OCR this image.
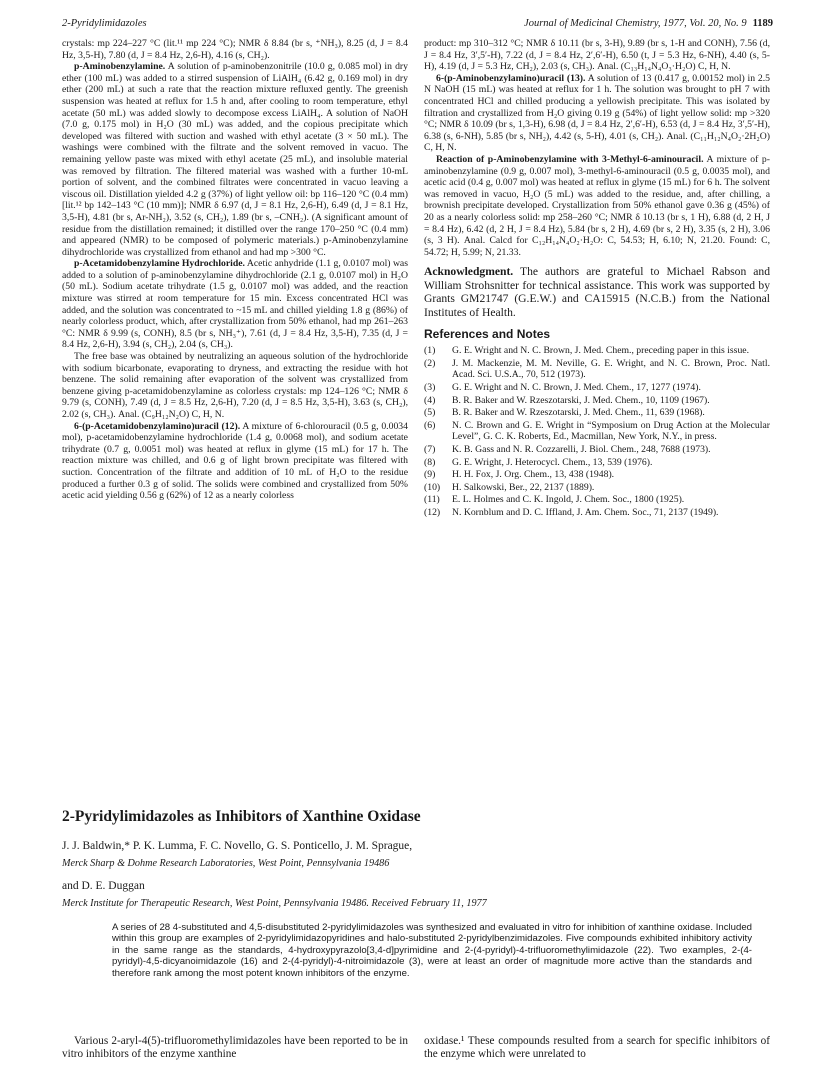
2-Pyridylimidazoles	Journal of Medicinal Chemistry, 1977, Vol. 20, No. 9 1189

crystals: mp 224–227 °C (lit.¹¹ mp 224 °C); NMR δ 8.84 (br s, ⁺NH₃), 8.25 (d, J = 8.4 Hz, 3,5-H), 7.80 (d, J = 8.4 Hz, 2,6-H), 4.16 (s, CH₂).

p-Aminobenzylamine. A solution of p-aminobenzonitrile (10.0 g, 0.085 mol) in dry ether (100 mL) was added to a stirred suspension of LiAlH₄ (6.42 g, 0.169 mol) in dry ether (200 mL) at such a rate that the reaction mixture refluxed gently. The greenish suspension was heated at reflux for 1.5 h and, after cooling to room temperature, ethyl acetate (50 mL) was added slowly to decompose excess LiAlH₄. A solution of NaOH (7.0 g, 0.175 mol) in H₂O (30 mL) was added, and the copious precipitate which developed was filtered with suction and washed with ethyl acetate (3 × 50 mL). The washings were combined with the filtrate and the solvent removed in vacuo. The remaining yellow paste was mixed with ethyl acetate (25 mL), and insoluble material was removed by filtration. The filtered material was washed with a further 10-mL portion of solvent, and the combined filtrates were concentrated in vacuo leaving a viscous oil. Distillation yielded 4.2 g (37%) of light yellow oil: bp 116–120 °C (0.4 mm) [lit.¹² bp 142–143 °C (10 mm)]; NMR δ 6.97 (d, J = 8.1 Hz, 2,6-H), 6.49 (d, J = 8.1 Hz, 3,5-H), 4.81 (br s, Ar-NH₂), 3.52 (s, CH₂), 1.89 (br s, –CNH₂). (A significant amount of residue from the distillation remained; it distilled over the range 170–250 °C (0.4 mm) and appeared (NMR) to be composed of polymeric materials.) p-Aminobenzylamine dihydrochloride was crystallized from ethanol and had mp >300 °C.

p-Acetamidobenzylamine Hydrochloride. Acetic anhydride (1.1 g, 0.0107 mol) was added to a solution of p-aminobenzylamine dihydrochloride (2.1 g, 0.0107 mol) in H₂O (50 mL). Sodium acetate trihydrate (1.5 g, 0.0107 mol) was added, and the reaction mixture was stirred at room temperature for 15 min. Excess concentrated HCl was added, and the solution was concentrated to ~15 mL and chilled yielding 1.8 g (86%) of nearly colorless product, which, after crystallization from 50% ethanol, had mp 261–263 °C: NMR δ 9.99 (s, CONH), 8.5 (br s, NH₃⁺), 7.61 (d, J = 8.4 Hz, 3,5-H), 7.35 (d, J = 8.4 Hz, 2,6-H), 3.94 (s, CH₂), 2.04 (s, CH₃).

The free base was obtained by neutralizing an aqueous solution of the hydrochloride with sodium bicarbonate, evaporating to dryness, and extracting the residue with hot benzene. The solid remaining after evaporation of the solvent was crystallized from benzene giving p-acetamidobenzylamine as colorless crystals: mp 124–126 °C; NMR δ 9.79 (s, CONH), 7.49 (d, J = 8.5 Hz, 2,6-H), 7.20 (d, J = 8.5 Hz, 3,5-H), 3.63 (s, CH₂), 2.02 (s, CH₃). Anal. (C₉H₁₂N₂O) C, H, N.

6-(p-Acetamidobenzylamino)uracil (12). A mixture of 6-chlorouracil (0.5 g, 0.0034 mol), p-acetamidobenzylamine hydrochloride (1.4 g, 0.0068 mol), and sodium acetate trihydrate (0.7 g, 0.0051 mol) was heated at reflux in glyme (15 mL) for 17 h. The reaction mixture was chilled, and 0.6 g of light brown precipitate was filtered with suction. Concentration of the filtrate and addition of 10 mL of H₂O to the residue produced a further 0.3 g of solid. The solids were combined and crystallized from 50% acetic acid yielding 0.56 g (62%) of 12 as a nearly colorless

product: mp 310–312 °C; NMR δ 10.11 (br s, 3-H), 9.89 (br s, 1-H and CONH), 7.56 (d, J = 8.4 Hz, 3′,5′-H), 7.22 (d, J = 8.4 Hz, 2′,6′-H), 6.50 (t, J = 5.3 Hz, 6-NH), 4.40 (s, 5-H), 4.19 (d, J = 5.3 Hz, CH₂), 2.03 (s, CH₃). Anal. (C₁₃H₁₄N₄O₃·H₂O) C, H, N.

6-(p-Aminobenzylamino)uracil (13). A solution of 13 (0.417 g, 0.00152 mol) in 2.5 N NaOH (15 mL) was heated at reflux for 1 h. The solution was brought to pH 7 with concentrated HCl and chilled producing a yellowish precipitate. This was isolated by filtration and crystallized from H₂O giving 0.19 g (54%) of light yellow solid: mp >320 °C; NMR δ 10.09 (br s, 1,3-H), 6.98 (d, J = 8.4 Hz, 2′,6′-H), 6.53 (d, J = 8.4 Hz, 3′,5′-H), 6.38 (s, 6-NH), 5.85 (br s, NH₂), 4.42 (s, 5-H), 4.01 (s, CH₂). Anal. (C₁₁H₁₂N₄O₂·2H₂O) C, H, N.

Reaction of p-Aminobenzylamine with 3-Methyl-6-aminouracil. A mixture of p-aminobenzylamine (0.9 g, 0.007 mol), 3-methyl-6-aminouracil (0.5 g, 0.0035 mol), and acetic acid (0.4 g, 0.007 mol) was heated at reflux in glyme (15 mL) for 6 h. The solvent was removed in vacuo, H₂O (5 mL) was added to the residue, and, after chilling, a brownish precipitate developed. Crystallization from 50% ethanol gave 0.36 g (45%) of 20 as a nearly colorless solid: mp 258–260 °C; NMR δ 10.13 (br s, 1 H), 6.88 (d, 2 H, J = 8.4 Hz), 6.42 (d, 2 H, J = 8.4 Hz), 5.84 (br s, 2 H), 4.69 (br s, 2 H), 3.35 (s, 2 H), 3.06 (s, 3 H). Anal. Calcd for C₁₂H₁₄N₄O₂·H₂O: C, 54.53; H, 6.10; N, 21.20. Found: C, 54.72; H, 5.99; N, 21.33.

Acknowledgment. The authors are grateful to Michael Rabson and William Strohsnitter for technical assistance. This work was supported by Grants GM21747 (G.E.W.) and CA15915 (N.C.B.) from the National Institutes of Health.

References and Notes
(1)	G. E. Wright and N. C. Brown, J. Med. Chem., preceding paper in this issue.
(2)	J. M. Mackenzie, M. M. Neville, G. E. Wright, and N. C. Brown, Proc. Natl. Acad. Sci. U.S.A., 70, 512 (1973).
(3)	G. E. Wright and N. C. Brown, J. Med. Chem., 17, 1277 (1974).
(4)	B. R. Baker and W. Rzeszotarski, J. Med. Chem., 10, 1109 (1967).
(5)	B. R. Baker and W. Rzeszotarski, J. Med. Chem., 11, 639 (1968).
(6)	N. C. Brown and G. E. Wright in “Symposium on Drug Action at the Molecular Level”, G. C. K. Roberts, Ed., Macmillan, New York, N.Y., in press.
(7)	K. B. Gass and N. R. Cozzarelli, J. Biol. Chem., 248, 7688 (1973).
(8)	G. E. Wright, J. Heterocycl. Chem., 13, 539 (1976).
(9)	H. H. Fox, J. Org. Chem., 13, 438 (1948).
(10)	H. Salkowski, Ber., 22, 2137 (1889).
(11)	E. L. Holmes and C. K. Ingold, J. Chem. Soc., 1800 (1925).
(12)	N. Kornblum and D. C. Iffland, J. Am. Chem. Soc., 71, 2137 (1949).
2-Pyridylimidazoles as Inhibitors of Xanthine Oxidase
J. J. Baldwin,* P. K. Lumma, F. C. Novello, G. S. Ponticello, J. M. Sprague,
Merck Sharp & Dohme Research Laboratories, West Point, Pennsylvania 19486
and D. E. Duggan
Merck Institute for Therapeutic Research, West Point, Pennsylvania 19486. Received February 11, 1977
A series of 28 4-substituted and 4,5-disubstituted 2-pyridylimidazoles was synthesized and evaluated in vitro for inhibition of xanthine oxidase. Included within this group are examples of 2-pyridylimidazopyridines and halo-substituted 2-pyridylbenzimidazoles. Five compounds exhibited inhibitory activity in the same range as the standards, 4-hydroxypyrazolo[3,4-d]pyrimidine and 2-(4-pyridyl)-4-trifluoromethylimidazole (22). Two examples, 2-(4-pyridyl)-4,5-dicyanoimidazole (16) and 2-(4-pyridyl)-4-nitroimidazole (3), were at least an order of magnitude more active than the standards and therefore rank among the most potent known inhibitors of the enzyme.
Various 2-aryl-4(5)-trifluoromethylimidazoles have been reported to be in vitro inhibitors of the enzyme xanthine
oxidase.¹ These compounds resulted from a search for specific inhibitors of the enzyme which were unrelated to
